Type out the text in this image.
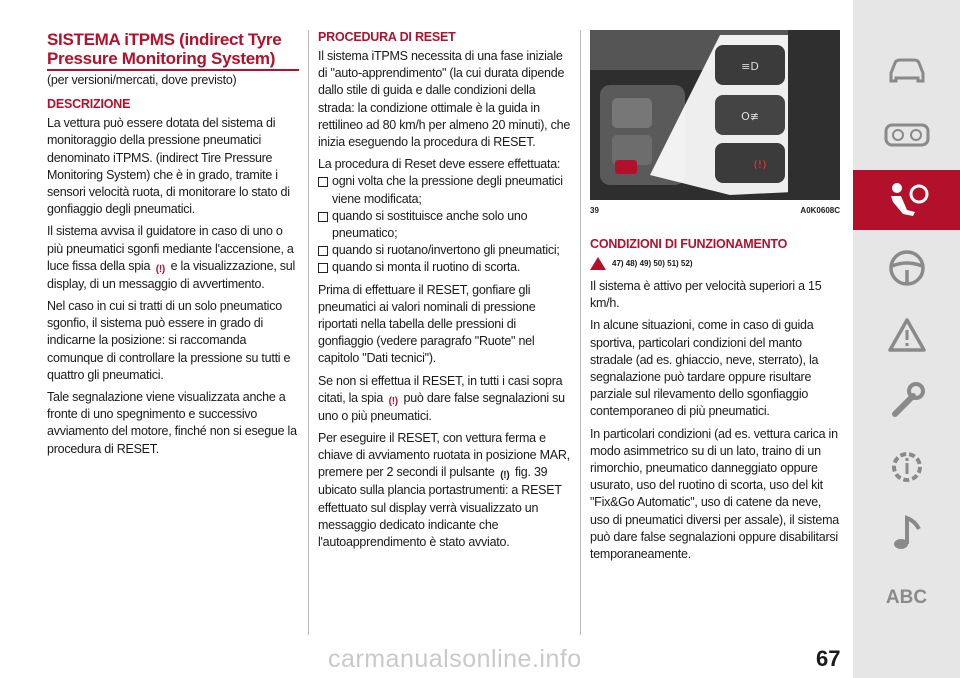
SISTEMA iTPMS (indirect Tyre Pressure Monitoring System)

(per versioni/mercati, dove previsto)

DESCRIZIONE

La vettura può essere dotata del sistema di monitoraggio della pressione pneumatici denominato iTPMS. (indirect Tire Pressure Monitoring System) che è in grado, tramite i sensori velocità ruota, di monitorare lo stato di gonfiaggio degli pneumatici.

Il sistema avvisa il guidatore in caso di uno o più pneumatici sgonfi mediante l'accensione, a luce fissa della spia (!) e la visualizzazione, sul display, di un messaggio di avvertimento.

Nel caso in cui si tratti di un solo pneumatico sgonfio, il sistema può essere in grado di indicarne la posizione: si raccomanda comunque di controllare la pressione su tutti e quattro gli pneumatici.

Tale segnalazione viene visualizzata anche a fronte di uno spegnimento e successivo avviamento del motore, finché non si esegue la procedura di RESET.

PROCEDURA DI RESET

Il sistema iTPMS necessita di una fase iniziale di "auto-apprendimento" (la cui durata dipende dallo stile di guida e dalle condizioni della strada: la condizione ottimale è la guida in rettilineo ad 80 km/h per almeno 20 minuti), che inizia eseguendo la procedura di RESET.

La procedura di Reset deve essere effettuata:

ogni volta che la pressione degli pneumatici viene modificata;
quando si sostituisce anche solo uno pneumatico;
quando si ruotano/invertono gli pneumatici;
quando si monta il ruotino di scorta.

Prima di effettuare il RESET, gonfiare gli pneumatici ai valori nominali di pressione riportati nella tabella delle pressioni di gonfiaggio (vedere paragrafo "Ruote" nel capitolo "Dati tecnici").

Se non si effettua il RESET, in tutti i casi sopra citati, la spia (!) può dare false segnalazioni su uno o più pneumatici.

Per eseguire il RESET, con vettura ferma e chiave di avviamento ruotata in posizione MAR, premere per 2 secondi il pulsante (!) fig. 39 ubicato sulla plancia portastrumenti: a RESET effettuato sul display verrà visualizzato un messaggio dedicato indicante che l'autoapprendimento è stato avviato.

≡D
O≢
(!)
39	A0K0608C
CONDIZIONI DI FUNZIONAMENTO
47) 48) 49) 50) 51) 52)

Il sistema è attivo per velocità superiori a 15 km/h.

In alcune situazioni, come in caso di guida sportiva, particolari condizioni del manto stradale (ad es. ghiaccio, neve, sterrato), la segnalazione può tardare oppure risultare parziale sul rilevamento dello sgonfiaggio contemporaneo di più pneumatici.

In particolari condizioni (ad es. vettura carica in modo asimmetrico su di un lato, traino di un rimorchio, pneumatico danneggiato oppure usurato, uso del ruotino di scorta, uso del kit "Fix&Go Automatic", uso di catene da neve, uso di pneumatici diversi per assale), il sistema può dare false segnalazioni oppure disabilitarsi temporaneamente.

ABC
carmanualsonline.info	67
